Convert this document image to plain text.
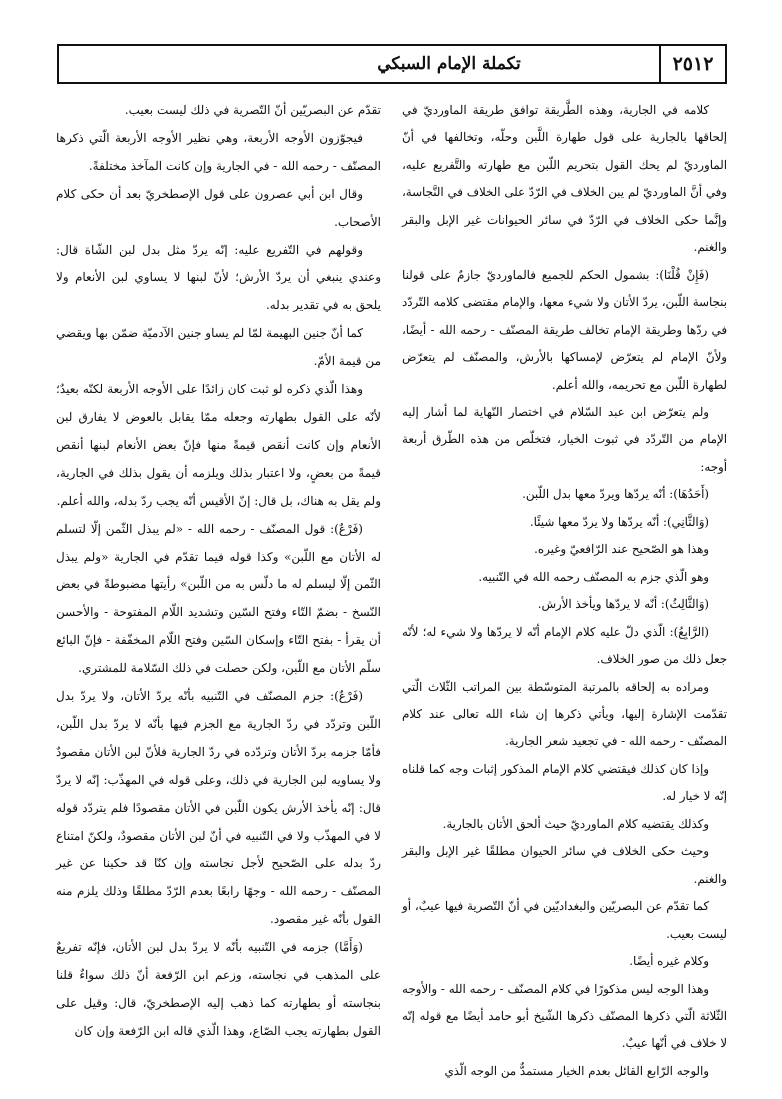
٢٥١٢
تكملة الإمام السبكي

كلامه في الجارية، وهذه الطَّريقة توافق طريقة الماورديّ في إلحاقها بالجارية على قول طهارة اللَّبن وحلّه، وتخالفها في أنّ الماورديّ لم يحك القول بتحريم اللّبن مع طهارته والتَّفريع عليه، وفي أنَّ الماورديّ لم يبن الخلاف في الرّدّ على الخلاف في النَّجاسة، وإنَّما حكى الخلاف في الرّدّ في سائر الحيوانات غير الإبل والبقر والغنم.

(فَإِنْ قُلْنَا): بشمول الحكم للجميع فالماورديّ جازمٌ على قولنا بنجاسة اللّبن، يردّ الأتان ولا شيء معها، والإمام مقتضى كلامه التّردّد في ردّها وطريقة الإمام تخالف طريقة المصنّف - رحمه الله - أيضًا، ولأنّ الإمام لم يتعرّض لإمساكها بالأرش، والمصنّف لم يتعرّض لطهارة اللّبن مع تحريمه، والله أعلم.

ولم يتعرّض ابن عبد السّلام في اختصار النّهاية لما أشار إليه الإمام من التّردّد في ثبوت الخيار، فتخلّص من هذه الطّرق أربعة أوجه:

(أَحَدُهَا): أنّه يردّها ويردّ معها بدل اللّبن.

(وَالثَّانِي): أنّه يردّها ولا يردّ معها شيئًا.

وهذا هو الصّحيح عند الرّافعيّ وغيره.

وهو الّذي جزم به المصنّف رحمه الله في التّنبيه.

(وَالثَّالِثُ): أنّه لا يردّها ويأخذ الأرش.

(الرَّابِعُ): الّذي دلّ عليه كلام الإمام أنّه لا يردّها ولا شيء له؛ لأنّه جعل ذلك من صور الخلاف.

ومراده به إلحاقه بالمرتبة المتوسّطة بين المراتب الثّلاث الّتي تقدّمت الإشارة إليها، ويأتي ذكرها إن شاء الله تعالى عند كلام المصنّف - رحمه الله - في تجعيد شعر الجارية.

وإذا كان كذلك فيقتضي كلام الإمام المذكور إثبات وجه كما قلناه إنّه لا خيار له.

وكذلك يقتضيه كلام الماورديّ حيث ألحق الأتان بالجارية.

وحيث حكى الخلاف في سائر الحيوان مطلقًا غير الإبل والبقر والغنم.

كما تقدّم عن البصريّين والبغداديّين في أنّ التّصرية فيها عيبٌ، أو ليست بعيب.

وكلام غيره أيضًا.

وهذا الوجه ليس مذكورًا في كلام المصنّف - رحمه الله - والأوجه الثّلاثة الّتي ذكرها المصنّف ذكرها الشّيخ أبو حامد أيضًا مع قوله إنّه لا خلاف في أنّها عيبٌ.

والوجه الرّابع القائل بعدم الخيار مستمدٌّ من الوجه الّذي

تقدّم عن البصريّين أنّ التّصرية في ذلك ليست بعيب.

فيجوّزون الأوجه الأربعة، وهي نظير الأوجه الأربعة الّتي ذكرها المصنّف - رحمه الله - في الجارية وإن كانت المآخذ مختلفةً.

وقال ابن أبي عصرون على قول الإصطخريّ بعد أن حكى كلام الأصحاب.

وقولهم في التّفريع عليه: إنّه يردّ مثل بدل لبن الشّاة قال: وعندي ينبغي أن يردّ الأرش؛ لأنّ لبنها لا يساوي لبن الأنعام ولا يلحق به في تقدير بدله.

كما أنّ جنين البهيمة لمّا لم يساو جنين الآدميّة ضمّن بها ويقضي من قيمة الأمّ.

وهذا الّذي ذكره لو ثبت كان زائدًا على الأوجه الأربعة لكنّه بعيدٌ؛ لأنّه على القول بطهارته وجعله ممّا يقابل بالعوض لا يفارق لبن الأنعام وإن كانت أنقص قيمةً منها فإنّ بعض الأنعام لبنها أنقص قيمةً من بعضٍ، ولا اعتبار بذلك ويلزمه أن يقول بذلك في الجارية، ولم يقل به هناك، بل قال: إنّ الأقيس أنّه يجب ردّ بدله، والله أعلم.

(فَرْعٌ): قول المصنّف - رحمه الله - «لم يبذل الثّمن إلّا لتسلم له الأتان مع اللّبن» وكذا قوله فيما تقدّم في الجارية «ولم يبذل الثّمن إلّا ليسلم له ما دلّس به من اللّبن» رأيتها مضبوطةً في بعض النّسخ - بضمّ التّاء وفتح السّين وتشديد اللّام المفتوحة - والأحسن أن يقرأ - بفتح التّاء وإسكان السّين وفتح اللّام المخفّفة - فإنّ البائع سلّم الأتان مع اللّبن، ولكن حصلت في ذلك السّلامة للمشتري.

(فَرْعٌ): جزم المصنّف في التّنبيه بأنّه يردّ الأتان، ولا يردّ بدل اللّبن وتردّد في ردّ الجارية مع الجزم فيها بأنّه لا يردّ بدل اللّبن، فأمّا جزمه بردّ الأتان وتردّده في ردّ الجارية فلأنّ لبن الأتان مقصودٌ ولا يساويه لبن الجارية في ذلك، وعلى قوله في المهذّب: إنّه لا يردّ قال: إنّه يأخذ الأرش يكون اللّبن في الأتان مقصودًا فلم يتردّد قوله لا في المهذّب ولا في التّنبيه في أنّ لبن الأتان مقصودٌ، ولكنّ امتناع ردّ بدله على الصّحيح لأجل نجاسته وإن كنّا قد حكينا عن غير المصنّف - رحمه الله - وجهًا رابعًا بعدم الرّدّ مطلقًا وذلك يلزم منه القول بأنّه غير مقصود.

(وَأَمَّا) جزمه في التّنبيه بأنّه لا يردّ بدل لبن الأتان، فإنّه تفريعٌ على المذهب في نجاسته، وزعم ابن الرّفعة أنّ ذلك سواءٌ قلنا بنجاسته أو بطهارته كما ذهب إليه الإصطخريّ، قال: وقيل على القول بطهارته يجب الصّاع، وهذا الّذي قاله ابن الرّفعة وإن كان
